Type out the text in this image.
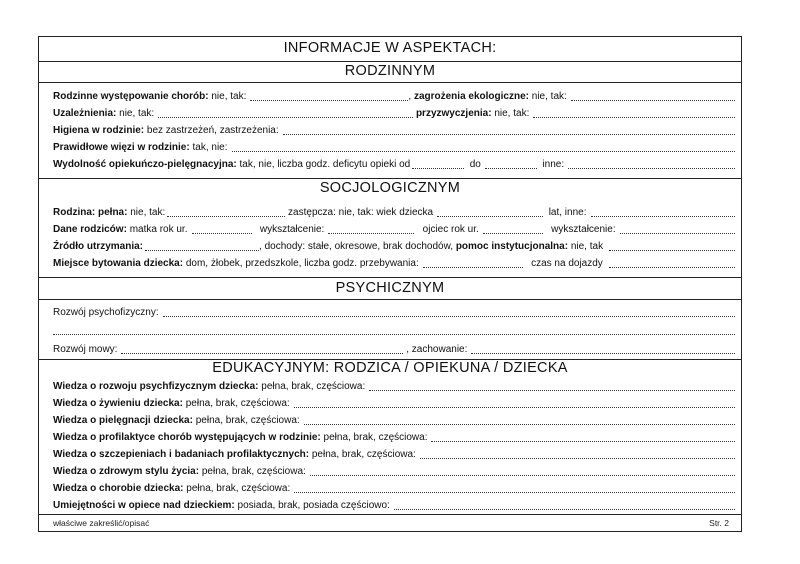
INFORMACJE W ASPEKTACH:
RODZINNYM
Rodzinne występowanie chorób:
nie, tak:	, zagrożenia ekologiczne:
nie, tak:
Uzależnienia:
nie, tak:
	przyzwyczjenia:
nie, tak:
Higiena w rodzinie:
bez zastrzeżeń, zastrzeżenia:
Prawidłowe więzi w rodzinie:
tak, nie:
Wydolność opiekuńczo-pielęgnacyjna:
tak, nie, liczba godz. deficytu opieki od
	do
	inne:
SOCJOLOGICZNYM
Rodzina: pełna:
nie, tak:
	zastępcza: nie, tak: wiek dziecka
	lat, inne:
Dane rodziców:
matka rok ur.
	wykształcenie:
	ojciec rok ur.
	wykształcenie:
Źródło utrzymania:	, dochody: stałe, okresowe, brak dochodów,
pomoc instytucjonalna:
nie, tak
Miejsce bytowania dziecka:
dom, żłobek, przedszkole, liczba godz. przebywania:
	czas na dojazdy
PSYCHICZNYM
Rozwój psychofizyczny:
Rozwój mowy:
	, zachowanie:
EDUKACYJNYM: RODZICA / OPIEKUNA / DZIECKA
Wiedza o rozwoju psychfizycznym dziecka:
pełna, brak, częściowa:
Wiedza o żywieniu dziecka:
pełna, brak, częściowa:
Wiedza o pielęgnacji dziecka:
pełna, brak, częściowa:
Wiedza o profilaktyce chorób występujących w rodzinie:
pełna, brak, częściowa:
Wiedza o szczepieniach i badaniach profilaktycznych:
pełna, brak, częściowa:
Wiedza o zdrowym stylu życia:
pełna, brak, częściowa:
Wiedza o chorobie dziecka:
pełna, brak, częściowa:
Umiejętności w opiece nad dzieckiem:
posiada, brak, posiada częściowo:
właściwe zakreślić/opisać	Str. 2
